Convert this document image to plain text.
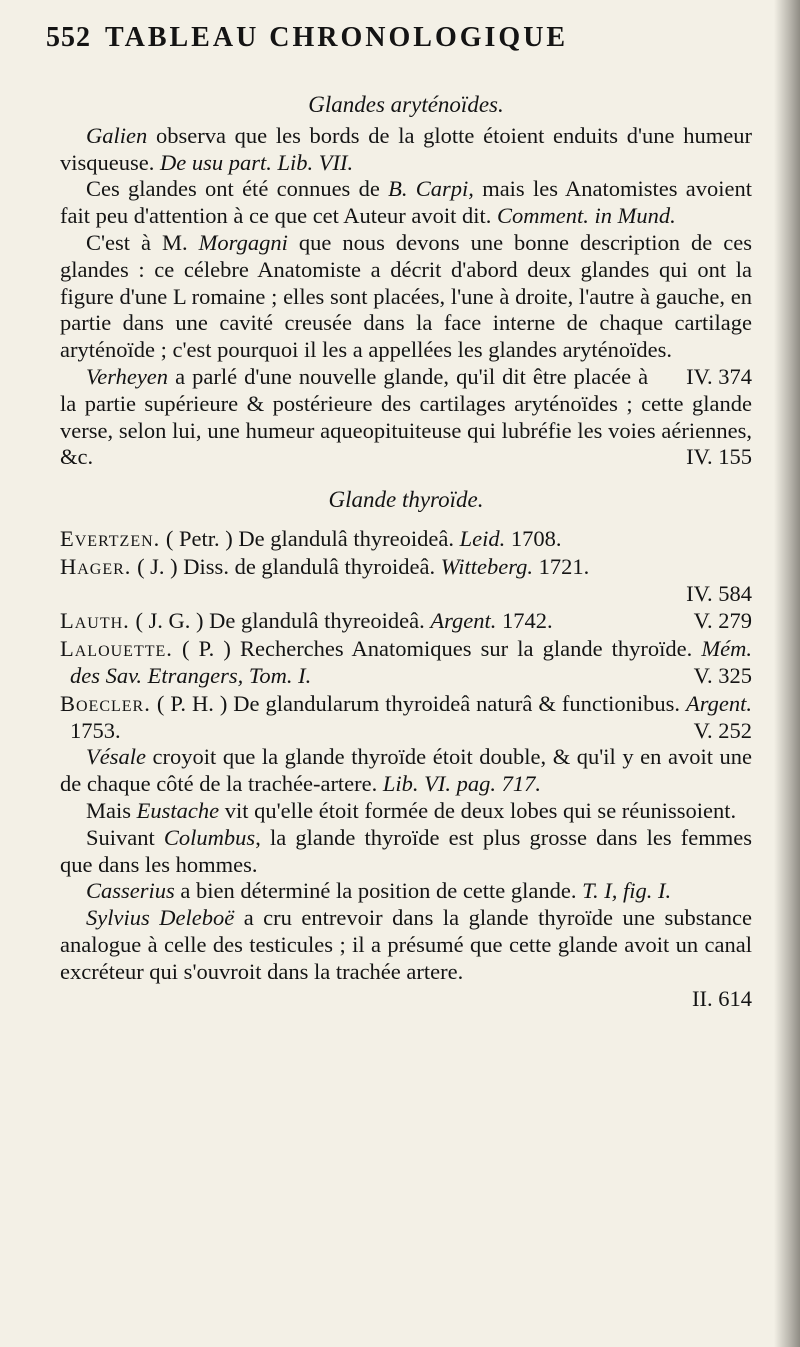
552 TABLEAU CHRONOLOGIQUE
Glandes aryténoïdes.

Galien observa que les bords de la glotte étoient enduits d'une humeur visqueuse. De usu part. Lib. VII.

Ces glandes ont été connues de B. Carpi, mais les Anatomistes avoient fait peu d'attention à ce que cet Auteur avoit dit. Comment. in Mund.

C'est à M. Morgagni que nous devons une bonne description de ces glandes : ce célebre Anatomiste a décrit d'abord deux glandes qui ont la figure d'une L romaine ; elles sont placées, l'une à droite, l'autre à gauche, en partie dans une cavité creusée dans la face interne de chaque cartilage aryténoïde ; c'est pourquoi il les a appellées les glandes aryténoïdes.
IV. 374

Verheyen a parlé d'une nouvelle glande, qu'il dit être placée à la partie supérieure & postérieure des cartilages aryténoïdes ; cette glande verse, selon lui, une humeur aqueopituiteuse qui lubréfie les voies aériennes, &c.	IV. 155

Glande thyroïde.

Evertzen. ( Petr. ) De glandulâ thyreoideâ. Leid. 1708.

Hager. ( J. ) Diss. de glandulâ thyroideâ. Witteberg. 1721.

IV. 584

Lauth. ( J. G. ) De glandulâ thyreoideâ. Argent. 1742.	V. 279

Lalouette. ( P. ) Recherches Anatomiques sur la glande thyroïde. Mém. des Sav. Etrangers, Tom. I.	V. 325

Boecler. ( P. H. ) De glandularum thyroideâ naturâ & functionibus. Argent. 1753.	V. 252

Vésale croyoit que la glande thyroïde étoit double, & qu'il y en avoit une de chaque côté de la trachée-artere. Lib. VI. pag. 717.

Mais Eustache vit qu'elle étoit formée de deux lobes qui se réunissoient.

Suivant Columbus, la glande thyroïde est plus grosse dans les femmes que dans les hommes.

Casserius a bien déterminé la position de cette glande. T. I, fig. I.

Sylvius Deleboë a cru entrevoir dans la glande thyroïde une substance analogue à celle des testicules ; il a présumé que cette glande avoit un canal excréteur qui s'ouvroit dans la trachée artere.

II. 614
